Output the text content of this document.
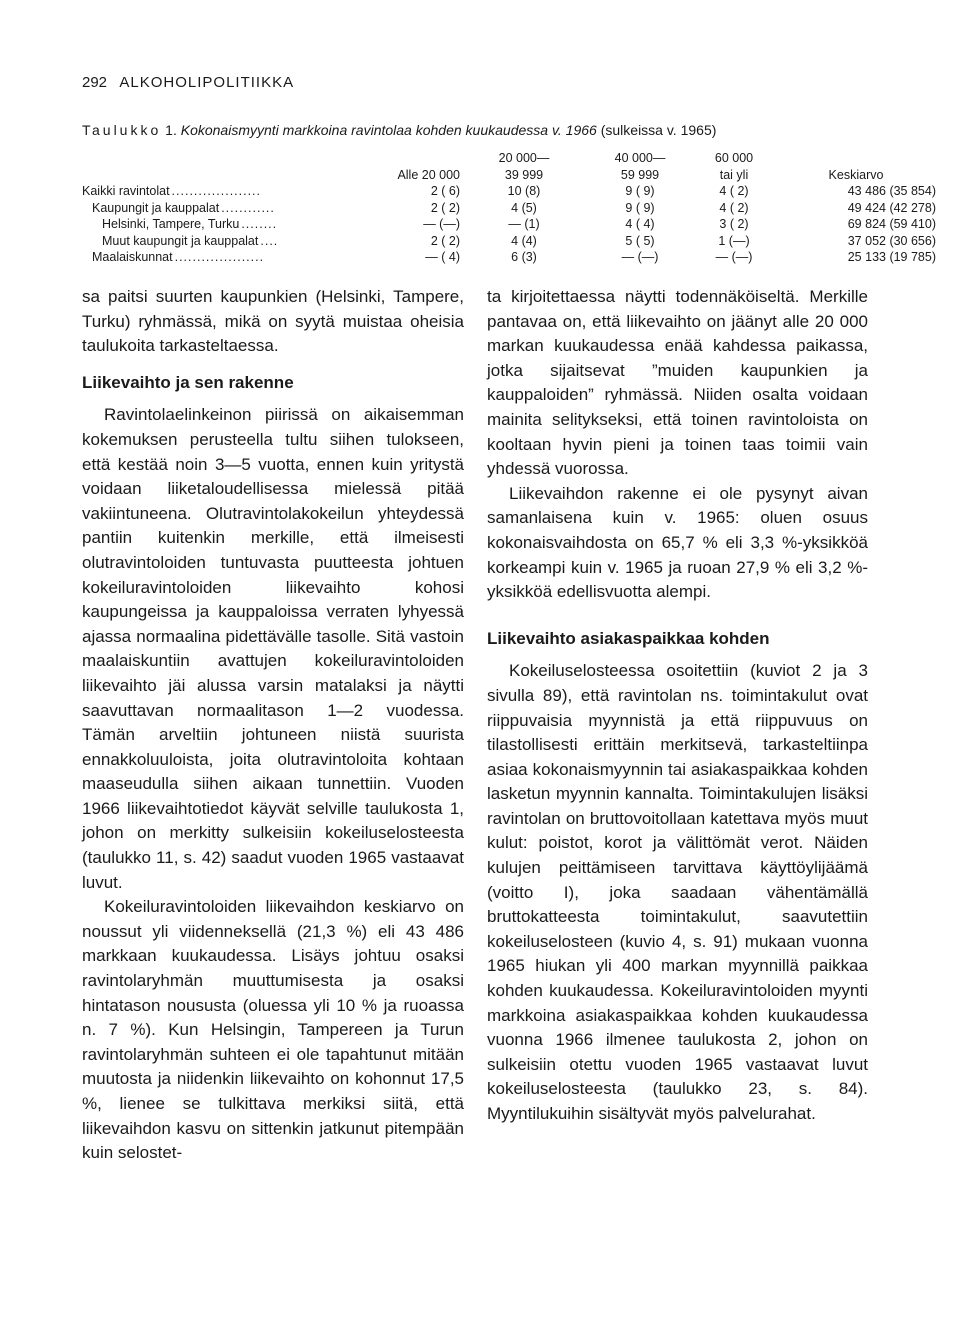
292 ALKOHOLIPOLITIIKKA
Taulukko 1. Kokonaismyynti markkoina ravintolaa kohden kuukaudessa v. 1966 (sulkeissa v. 1965)
		20 000—	40 000—	60 000	
	Alle 20 000	39 999	59 999	tai yli	Keskiarvo
Kaikki ravintolat ....................	2 ( 6)	10 (8)	9 ( 9)	4 ( 2)	43 486 (35 854)
Kaupungit ja kauppalat ............	2 ( 2)	4 (5)	9 ( 9)	4 ( 2)	49 424 (42 278)
Helsinki, Tampere, Turku ........	— (—)	— (1)	4 ( 4)	3 ( 2)	69 824 (59 410)
Muut kaupungit ja kauppalat ....	2 ( 2)	4 (4)	5 ( 5)	1 (—)	37 052 (30 656)
Maalaiskunnat ....................	— ( 4)	6 (3)	— (—)	— (—)	25 133 (19 785)

sa paitsi suurten kaupunkien (Helsinki, Tampere, Turku) ryhmässä, mikä on syytä muistaa oheisia taulukoita tarkasteltaessa.

Liikevaihto ja sen rakenne

Ravintolaelinkeinon piirissä on aikaisemman kokemuksen perusteella tultu siihen tulokseen, että kestää noin 3—5 vuotta, ennen kuin yritystä voidaan liiketaloudellisessa mielessä pitää vakiintuneena. Olutravintolakokeilun yhteydessä pantiin kuitenkin merkille, että ilmeisesti olutravintoloiden tuntuvasta puutteesta johtuen kokeiluravintoloiden liikevaihto kohosi kaupungeissa ja kauppaloissa verraten lyhyessä ajassa normaalina pidettävälle tasolle. Sitä vastoin maalaiskuntiin avattujen kokeiluravintoloiden liikevaihto jäi alussa varsin matalaksi ja näytti saavuttavan normaalitason 1—2 vuodessa. Tämän arveltiin johtuneen niistä suurista ennakkoluuloista, joita olutravintoloita kohtaan maaseudulla siihen aikaan tunnettiin. Vuoden 1966 liikevaihtotiedot käyvät selville taulukosta 1, johon on merkitty sulkeisiin kokeiluselosteesta (taulukko 11, s. 42) saadut vuoden 1965 vastaavat luvut.

Kokeiluravintoloiden liikevaihdon keskiarvo on noussut yli viidenneksellä (21,3 %) eli 43 486 markkaan kuukaudessa. Lisäys johtuu osaksi ravintolaryhmän muuttumisesta ja osaksi hintatason noususta (oluessa yli 10 % ja ruoassa n. 7 %). Kun Helsingin, Tampereen ja Turun ravintolaryhmän suhteen ei ole tapahtunut mitään muutosta ja niidenkin liikevaihto on kohonnut 17,5 %, lienee se tulkittava merkiksi siitä, että liikevaihdon kasvu on sittenkin jatkunut pitempään kuin selostet-

ta kirjoitettaessa näytti todennäköiseltä. Merkille pantavaa on, että liikevaihto on jäänyt alle 20 000 markan kuukaudessa enää kahdessa paikassa, jotka sijaitsevat ”muiden kaupunkien ja kauppaloiden” ryhmässä. Niiden osalta voidaan mainita selitykseksi, että toinen ravintoloista on kooltaan hyvin pieni ja toinen taas toimii vain yhdessä vuorossa.

Liikevaihdon rakenne ei ole pysynyt aivan samanlaisena kuin v. 1965: oluen osuus kokonaisvaihdosta on 65,7 % eli 3,3 %-yksikköä korkeampi kuin v. 1965 ja ruoan 27,9 % eli 3,2 %-yksikköä edellisvuotta alempi.

Liikevaihto asiakaspaikkaa kohden

Kokeiluselosteessa osoitettiin (kuviot 2 ja 3 sivulla 89), että ravintolan ns. toimintakulut ovat riippuvaisia myynnistä ja että riippuvuus on tilastollisesti erittäin merkitsevä, tarkasteltiinpa asiaa kokonaismyynnin tai asiakaspaikkaa kohden lasketun myynnin kannalta. Toimintakulujen lisäksi ravintolan on bruttovoitollaan katettava myös muut kulut: poistot, korot ja välittömät verot. Näiden kulujen peittämiseen tarvittava käyttöylijäämä (voitto I), joka saadaan vähentämällä bruttokatteesta toimintakulut, saavutettiin kokeiluselosteen (kuvio 4, s. 91) mukaan vuonna 1965 hiukan yli 400 markan myynnillä paikkaa kohden kuukaudessa. Kokeiluravintoloiden myynti markkoina asiakaspaikkaa kohden kuukaudessa vuonna 1966 ilmenee taulukosta 2, johon on sulkeisiin otettu vuoden 1965 vastaavat luvut kokeiluselosteesta (taulukko 23, s. 84). Myyntilukuihin sisältyvät myös palvelurahat.
